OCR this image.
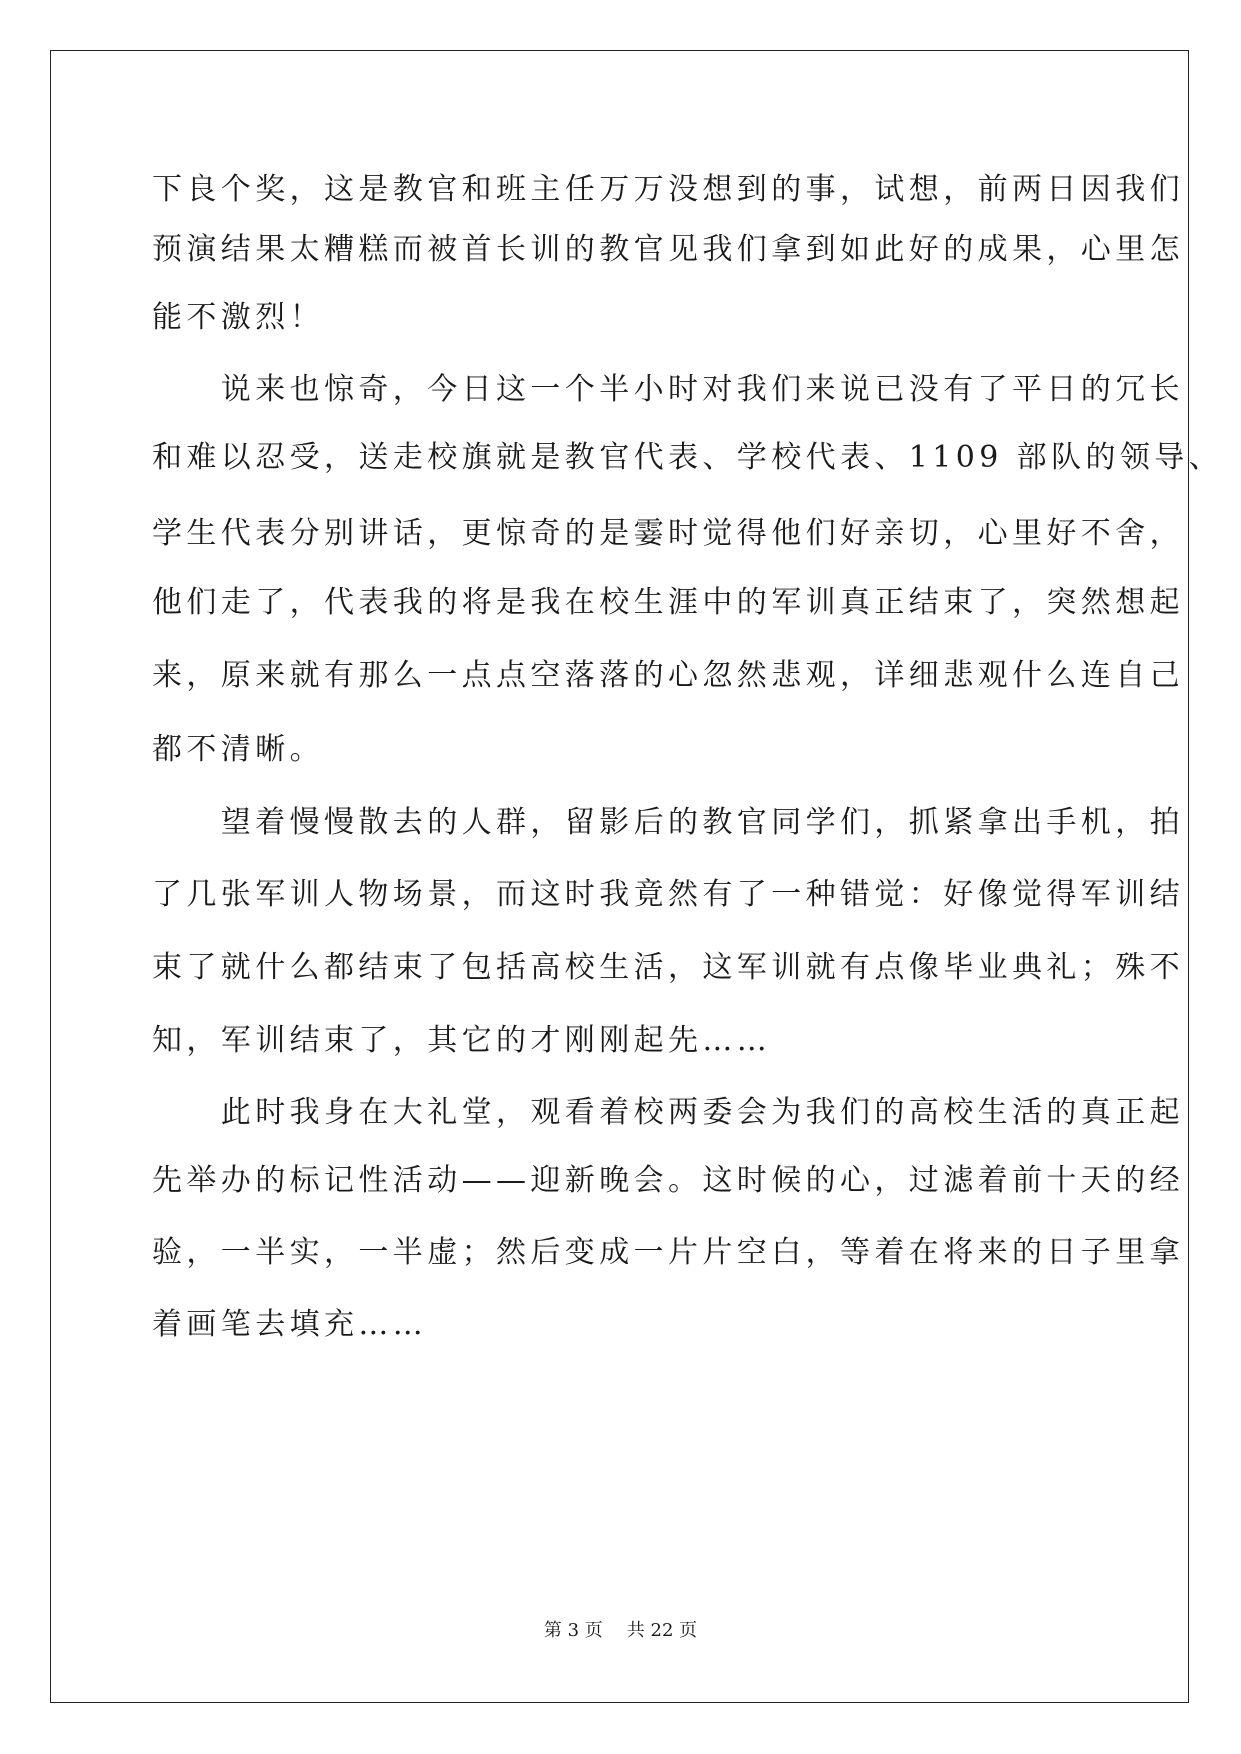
下良个奖，这是教官和班主任万万没想到的事，试想，前两日因我们
预演结果太糟糕而被首长训的教官见我们拿到如此好的成果，心里怎
能不激烈！
　　说来也惊奇，今日这一个半小时对我们来说已没有了平日的冗长
和难以忍受，送走校旗就是教官代表、学校代表、1109 部队的领导、
学生代表分别讲话，更惊奇的是霎时觉得他们好亲切，心里好不舍，
他们走了，代表我的将是我在校生涯中的军训真正结束了，突然想起
来，原来就有那么一点点空落落的心忽然悲观，详细悲观什么连自己
都不清晰。
　　望着慢慢散去的人群，留影后的教官同学们，抓紧拿出手机，拍
了几张军训人物场景，而这时我竟然有了一种错觉：好像觉得军训结
束了就什么都结束了包括高校生活，这军训就有点像毕业典礼；殊不
知，军训结束了，其它的才刚刚起先……
　　此时我身在大礼堂，观看着校两委会为我们的高校生活的真正起
先举办的标记性活动——迎新晚会。这时候的心，过滤着前十天的经
验，一半实，一半虚；然后变成一片片空白，等着在将来的日子里拿
着画笔去填充……
第 3 页 共 22 页
